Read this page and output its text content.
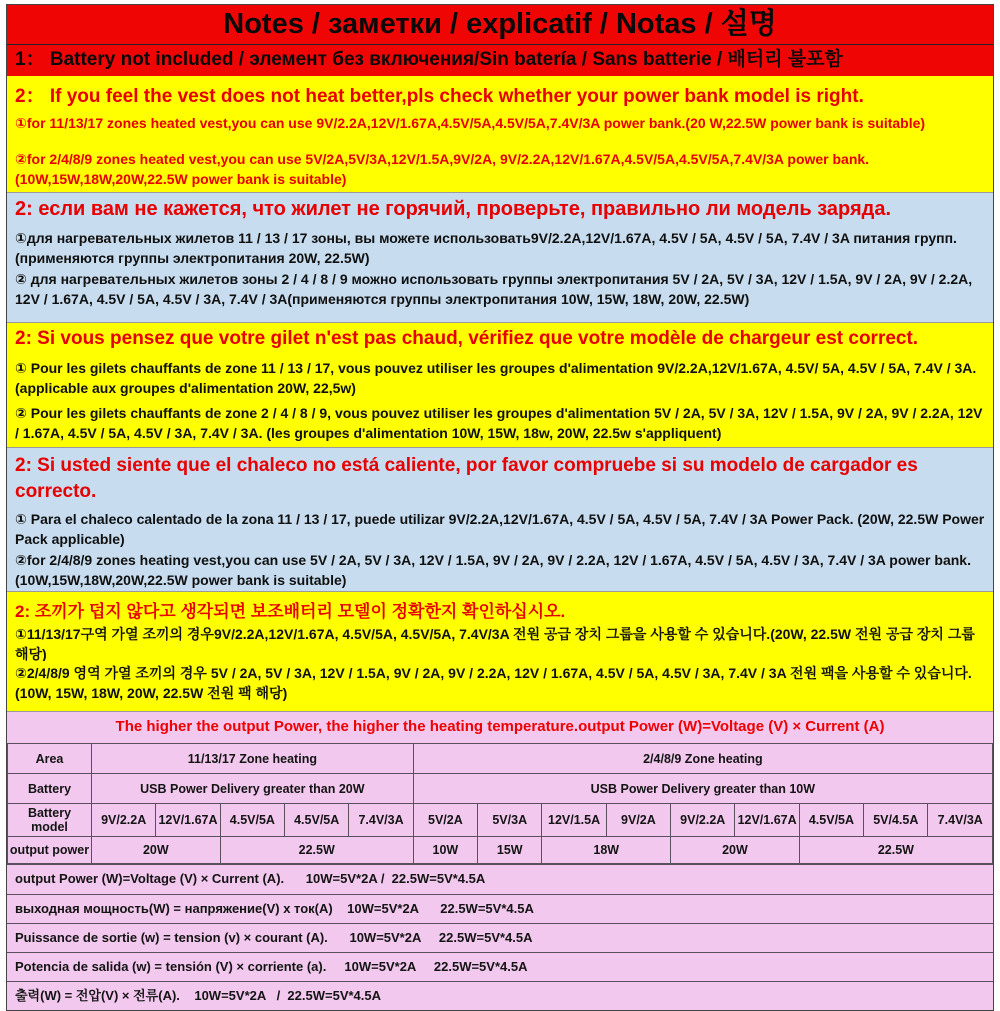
Notes / заметки / explicatif / Notas / 설명
1： Battery not included / элемент без включения/Sin batería / Sans batterie / 배터리 불포함
2： If you feel the vest does not heat better,pls check whether your power bank model is right.
①for 11/13/17 zones heated vest,you can use 9V/2.2A,12V/1.67A,4.5V/5A,4.5V/5A,7.4V/3A power bank.(20 W,22.5W power bank is suitable)
②for 2/4/8/9 zones heated vest,you can use 5V/2A,5V/3A,12V/1.5A,9V/2A, 9V/2.2A,12V/1.67A,4.5V/5A,4.5V/5A,7.4V/3A power bank.(10W,15W,18W,20W,22.5W power bank is suitable)
2: если вам не кажется, что жилет не горячий, проверьте, правильно ли модель заряда.
①для нагревательных жилетов 11 / 13 / 17 зоны, вы можете использовать9V/2.2A,12V/1.67A, 4.5V / 5A, 4.5V / 5A, 7.4V / 3A питания групп. (применяются группы электропитания 20W, 22.5W)
② для нагревательных жилетов зоны 2 / 4 / 8 / 9 можно использовать группы электропитания 5V / 2A, 5V / 3A, 12V / 1.5A, 9V / 2A, 9V / 2.2A, 12V / 1.67A, 4.5V / 5A, 4.5V / 3A, 7.4V / 3A(применяются группы электропитания 10W, 15W, 18W, 20W, 22.5W)
2: Si vous pensez que votre gilet n'est pas chaud, vérifiez que votre modèle de chargeur est correct.
① Pour les gilets chauffants de zone 11 / 13 / 17, vous pouvez utiliser les groupes d'alimentation 9V/2.2A,12V/1.67A, 4.5V/ 5A, 4.5V / 5A, 7.4V / 3A. (applicable aux groupes d'alimentation 20W, 22,5w)
② Pour les gilets chauffants de zone 2 / 4 / 8 / 9, vous pouvez utiliser les groupes d'alimentation 5V / 2A, 5V / 3A, 12V / 1.5A, 9V / 2A, 9V / 2.2A, 12V / 1.67A, 4.5V / 5A, 4.5V / 3A, 7.4V / 3A. (les groupes d'alimentation 10W, 15W, 18w, 20W, 22.5w s'appliquent)
2: Si usted siente que el chaleco no está caliente, por favor compruebe si su modelo de cargador es correcto.
① Para el chaleco calentado de la zona 11 / 13 / 17, puede utilizar 9V/2.2A,12V/1.67A, 4.5V / 5A, 4.5V / 5A, 7.4V / 3A Power Pack. (20W, 22.5W Power Pack applicable)
②for 2/4/8/9 zones heating vest,you can use 5V / 2A, 5V / 3A, 12V / 1.5A, 9V / 2A, 9V / 2.2A, 12V / 1.67A, 4.5V / 5A, 4.5V / 3A, 7.4V / 3A power bank.(10W,15W,18W,20W,22.5W power bank is suitable)
2: 조끼가 덥지 않다고 생각되면 보조배터리 모델이 정확한지 확인하십시오.
①11/13/17구역 가열 조끼의 경우9V/2.2A,12V/1.67A, 4.5V/5A, 4.5V/5A, 7.4V/3A 전원 공급 장치 그룹을 사용할 수 있습니다.(20W, 22.5W 전원 공급 장치 그룹 해당)
②2/4/8/9 영역 가열 조끼의 경우 5V / 2A, 5V / 3A, 12V / 1.5A, 9V / 2A, 9V / 2.2A, 12V / 1.67A, 4.5V / 5A, 4.5V / 3A, 7.4V / 3A 전원 팩을 사용할 수 있습니다. (10W, 15W, 18W, 20W, 22.5W 전원 팩 해당)
The higher the output Power, the higher the heating temperature.output Power (W)=Voltage (V) × Current (A)
Area	11/13/17 Zone heating					2/4/8/9 Zone heating								
Battery	USB Power Delivery greater than 20W					USB Power Delivery greater than 10W								
Battery model	9V/2.2A	12V/1.67A	4.5V/5A	4.5V/5A	7.4V/3A	5V/2A	5V/3A	12V/1.5A	9V/2A	9V/2.2A	12V/1.67A	4.5V/5A	5V/4.5A	7.4V/3A
output power	20W		22.5W			10W	15W	18W		20W		22.5W		
output Power (W)=Voltage (V) × Current (A).      10W=5V*2A /  22.5W=5V*4.5A
выходная мощность(W) = напряжение(V) x ток(A)    10W=5V*2A      22.5W=5V*4.5A
Puissance de sortie (w) = tension (v) × courant (A).      10W=5V*2A     22.5W=5V*4.5A
Potencia de salida (w) = tensión (V) × corriente (a).     10W=5V*2A     22.5W=5V*4.5A
출력(W) = 전압(V) × 전류(A).    10W=5V*2A   /  22.5W=5V*4.5A
